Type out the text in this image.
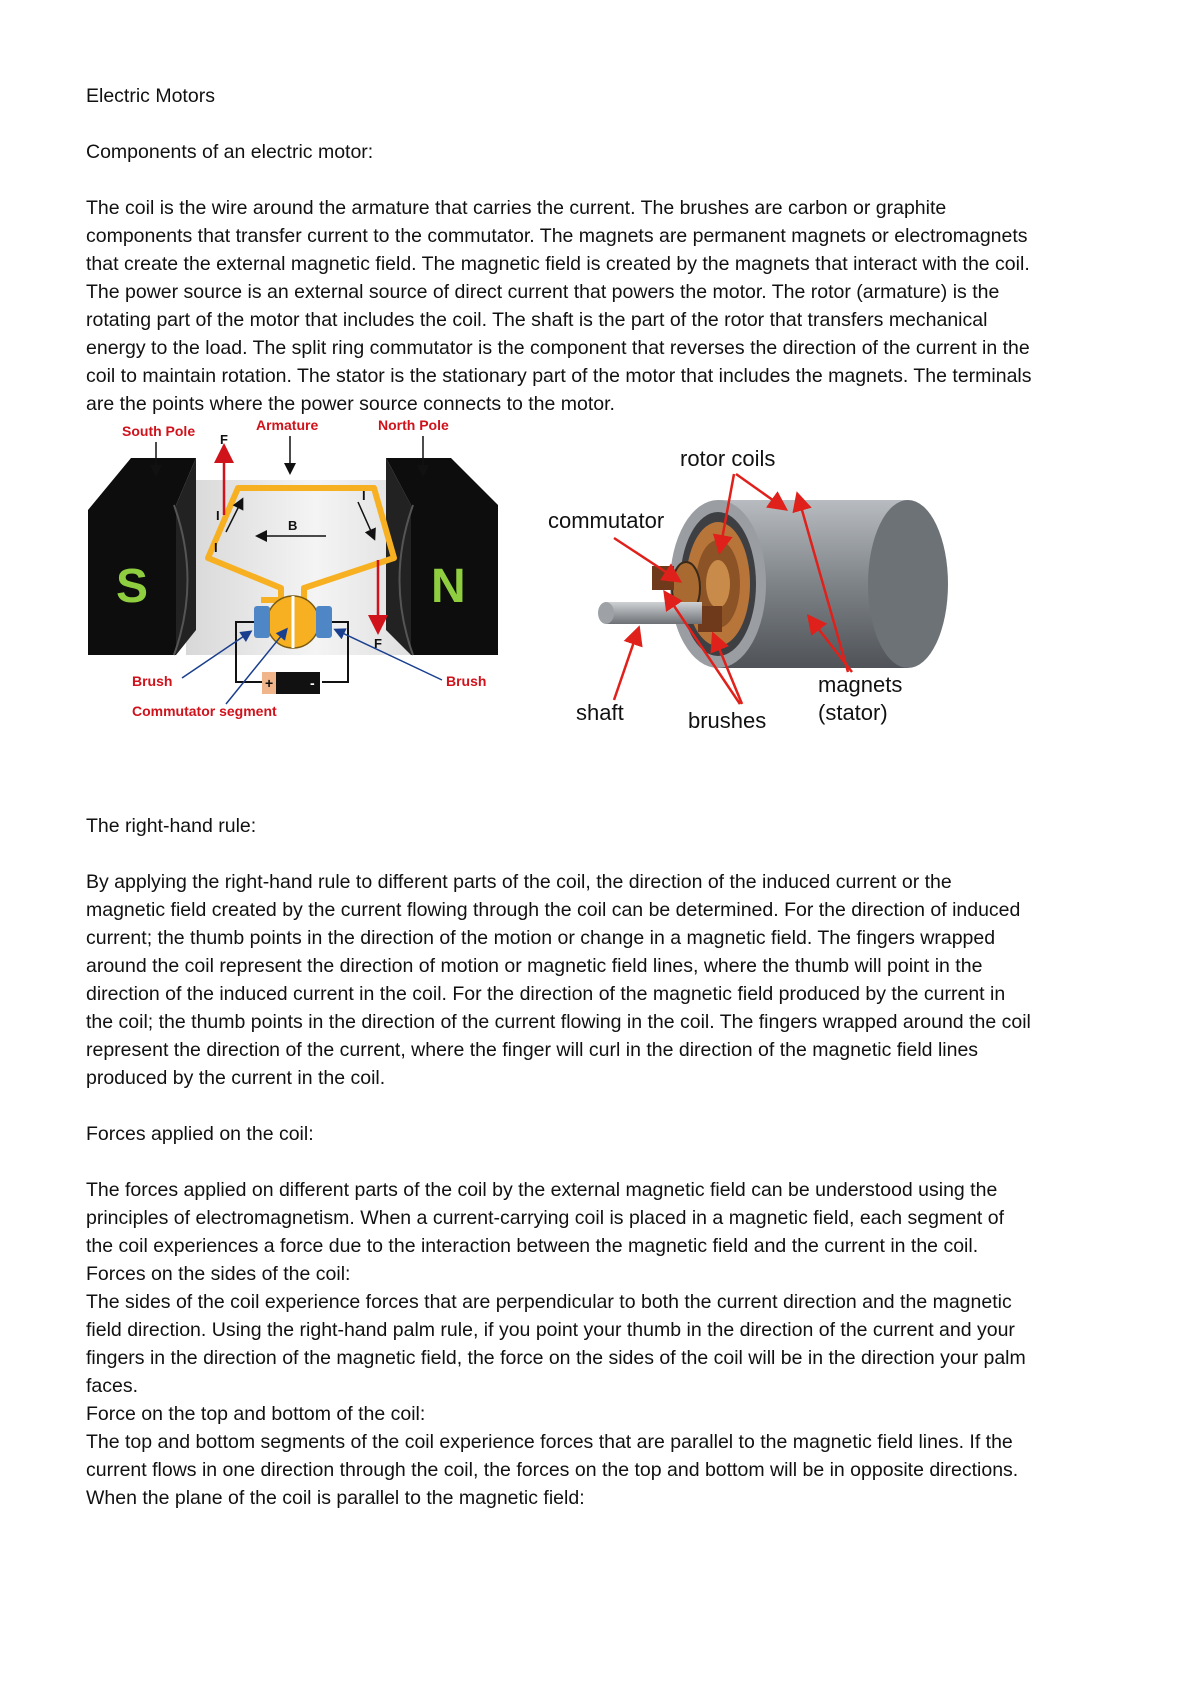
Electric Motors

Components of an electric motor:

The coil is the wire around the armature that carries the current. The brushes are carbon or graphite

components that transfer current to the commutator. The magnets are permanent magnets or electromagnets

that create the external magnetic field. The magnetic field is created by the magnets that interact with the coil.

The power source is an external source of direct current that powers the motor. The rotor (armature) is the

rotating part of the motor that includes the coil. The shaft is the part of the rotor that transfers mechanical

energy to the load. The split ring commutator is the component that reverses the direction of the current in the

coil to maintain rotation. The stator is the stationary part of the motor that includes the magnets. The terminals

are the points where the power source connects to the motor.

S	N
+	-
South Pole	Armature	North Pole
F
F
I
I
I
B
Brush	Brush
Commutator segment
rotor coils
commutator
shaft	brushes
magnets
(stator)

The right-hand rule:

By applying the right-hand rule to different parts of the coil, the direction of the induced current or the

magnetic field created by the current flowing through the coil can be determined. For the direction of induced

current; the thumb points in the direction of the motion or change in a magnetic field. The fingers wrapped

around the coil represent the direction of motion or magnetic field lines, where the thumb will point in the

direction of the induced current in the coil. For the direction of the magnetic field produced by the current in

the coil; the thumb points in the direction of the current flowing in the coil. The fingers wrapped around the coil

represent the direction of the current, where the finger will curl in the direction of the magnetic field lines

produced by the current in the coil.

Forces applied on the coil:

The forces applied on different parts of the coil by the external magnetic field can be understood using the

principles of electromagnetism. When a current-carrying coil is placed in a magnetic field, each segment of

the coil experiences a force due to the interaction between the magnetic field and the current in the coil.

Forces on the sides of the coil:

The sides of the coil experience forces that are perpendicular to both the current direction and the magnetic

field direction. Using the right-hand palm rule, if you point your thumb in the direction of the current and your

fingers in the direction of the magnetic field, the force on the sides of the coil will be in the direction your palm

faces.

Force on the top and bottom of the coil:

The top and bottom segments of the coil experience forces that are parallel to the magnetic field lines. If the

current flows in one direction through the coil, the forces on the top and bottom will be in opposite directions.

When the plane of the coil is parallel to the magnetic field:
